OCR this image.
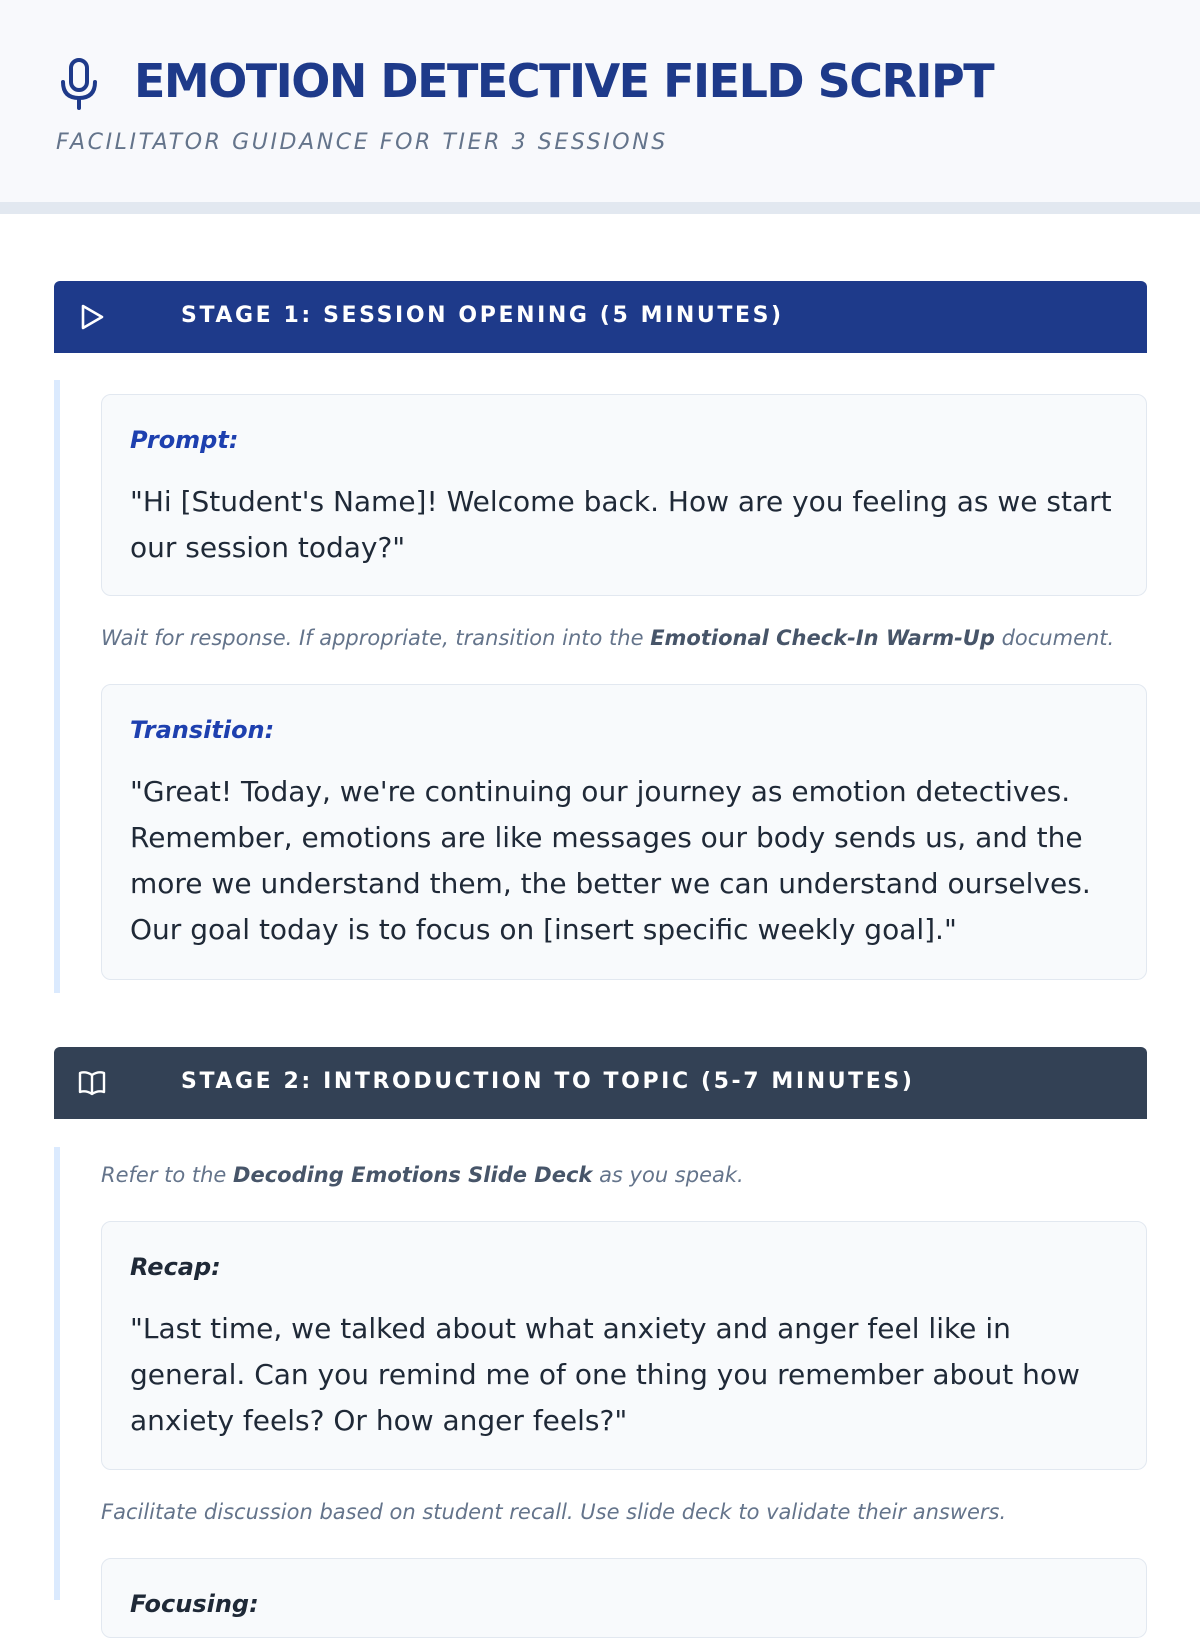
EMOTION DETECTIVE FIELD SCRIPT
FACILITATOR GUIDANCE FOR TIER 3 SESSIONS
STAGE 1: SESSION OPENING (5 MINUTES)
Prompt:
"Hi [Student's Name]! Welcome back. How are you feeling as we start our session today?"
Wait for response. If appropriate, transition into the Emotional Check-In Warm-Up document.
Transition:
"Great! Today, we're continuing our journey as emotion detectives. Remember, emotions are like messages our body sends us, and the more we understand them, the better we can understand ourselves. Our goal today is to focus on [insert specific weekly goal]."
STAGE 2: INTRODUCTION TO TOPIC (5-7 MINUTES)
Refer to the Decoding Emotions Slide Deck as you speak.
Recap:
"Last time, we talked about what anxiety and anger feel like in general. Can you remind me of one thing you remember about how anxiety feels? Or how anger feels?"
Facilitate discussion based on student recall. Use slide deck to validate their answers.
Focusing:
